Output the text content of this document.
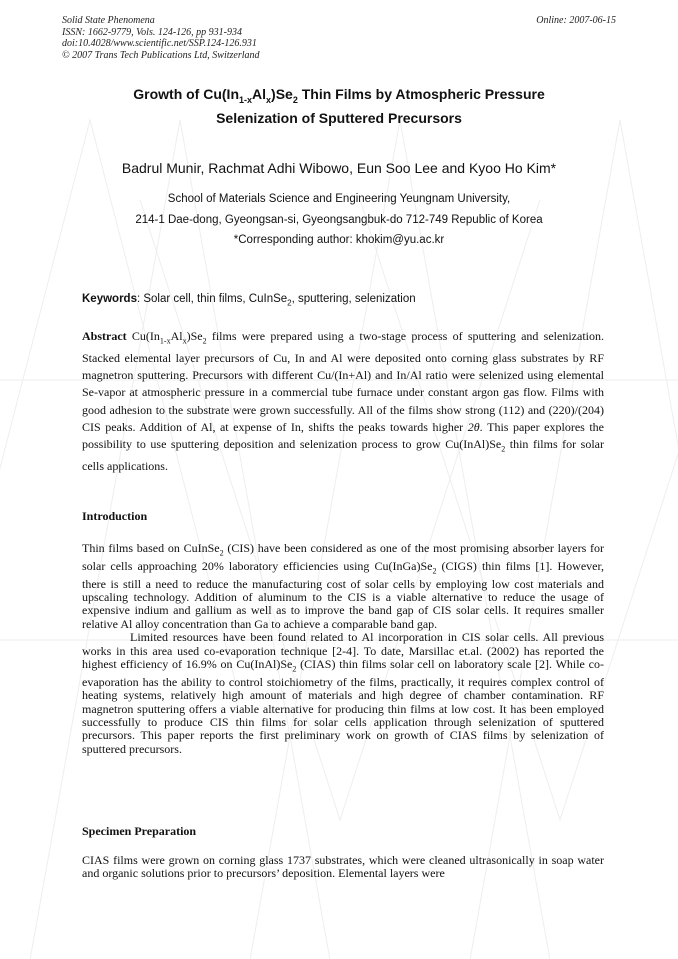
Solid State Phenomena
ISSN: 1662-9779, Vols. 124-126, pp 931-934
doi:10.4028/www.scientific.net/SSP.124-126.931
© 2007 Trans Tech Publications Ltd, Switzerland
Online: 2007-06-15
Growth of $Cu(In_{1-x}Al_x)Se_2$ Thin Films by Atmospheric Pressure
Selenization of Sputtered Precursors
Badrul Munir, Rachmat Adhi Wibowo, Eun Soo Lee and Kyoo Ho Kim*
School of Materials Science and Engineering Yeungnam University,
214-1 Dae-dong, Gyeongsan-si, Gyeongsangbuk-do 712-749 Republic of Korea
*Corresponding author: khokim@yu.ac.kr
Keywords: Solar cell, thin films, CuInSe$_2$, sputtering, selenization
Abstract $Cu(In_{1-x}Al_x)Se_2$ films were prepared using a two-stage process of sputtering and selenization. Stacked elemental layer precursors of Cu, In and Al were deposited onto corning glass substrates by RF magnetron sputtering. Precursors with different Cu/(In+Al) and In/Al ratio were selenized using elemental Se-vapor at atmospheric pressure in a commercial tube furnace under constant argon gas flow. Films with good adhesion to the substrate were grown successfully. All of the films show strong (112) and (220)/(204) CIS peaks. Addition of Al, at expense of In, shifts the peaks towards higher 2θ. This paper explores the possibility to use sputtering deposition and selenization process to grow $Cu(InAl)Se_2$ thin films for solar cells applications.
Introduction

Thin films based on CuInSe$_2$ (CIS) have been considered as one of the most promising absorber layers for solar cells approaching 20% laboratory efficiencies using $Cu(InGa)Se_2$ (CIGS) thin films [1]. However, there is still a need to reduce the manufacturing cost of solar cells by employing low cost materials and upscaling technology. Addition of aluminum to the CIS is a viable alternative to reduce the usage of expensive indium and gallium as well as to improve the band gap of CIS solar cells. It requires smaller relative Al alloy concentration than Ga to achieve a comparable band gap.

Limited resources have been found related to Al incorporation in CIS solar cells. All previous works in this area used co-evaporation technique [2-4]. To date, Marsillac et.al. (2002) has reported the highest efficiency of 16.9% on $Cu(InAl)Se_2$ (CIAS) thin films solar cell on laboratory scale [2]. While co-evaporation has the ability to control stoichiometry of the films, practically, it requires complex control of heating systems, relatively high amount of materials and high degree of chamber contamination. RF magnetron sputtering offers a viable alternative for producing thin films at low cost. It has been employed successfully to produce CIS thin films for solar cells application through selenization of sputtered precursors. This paper reports the first preliminary work on growth of CIAS films by selenization of sputtered precursors.

Specimen Preparation

CIAS films were grown on corning glass 1737 substrates, which were cleaned ultrasonically in soap water and organic solutions prior to precursors’ deposition. Elemental layers were
